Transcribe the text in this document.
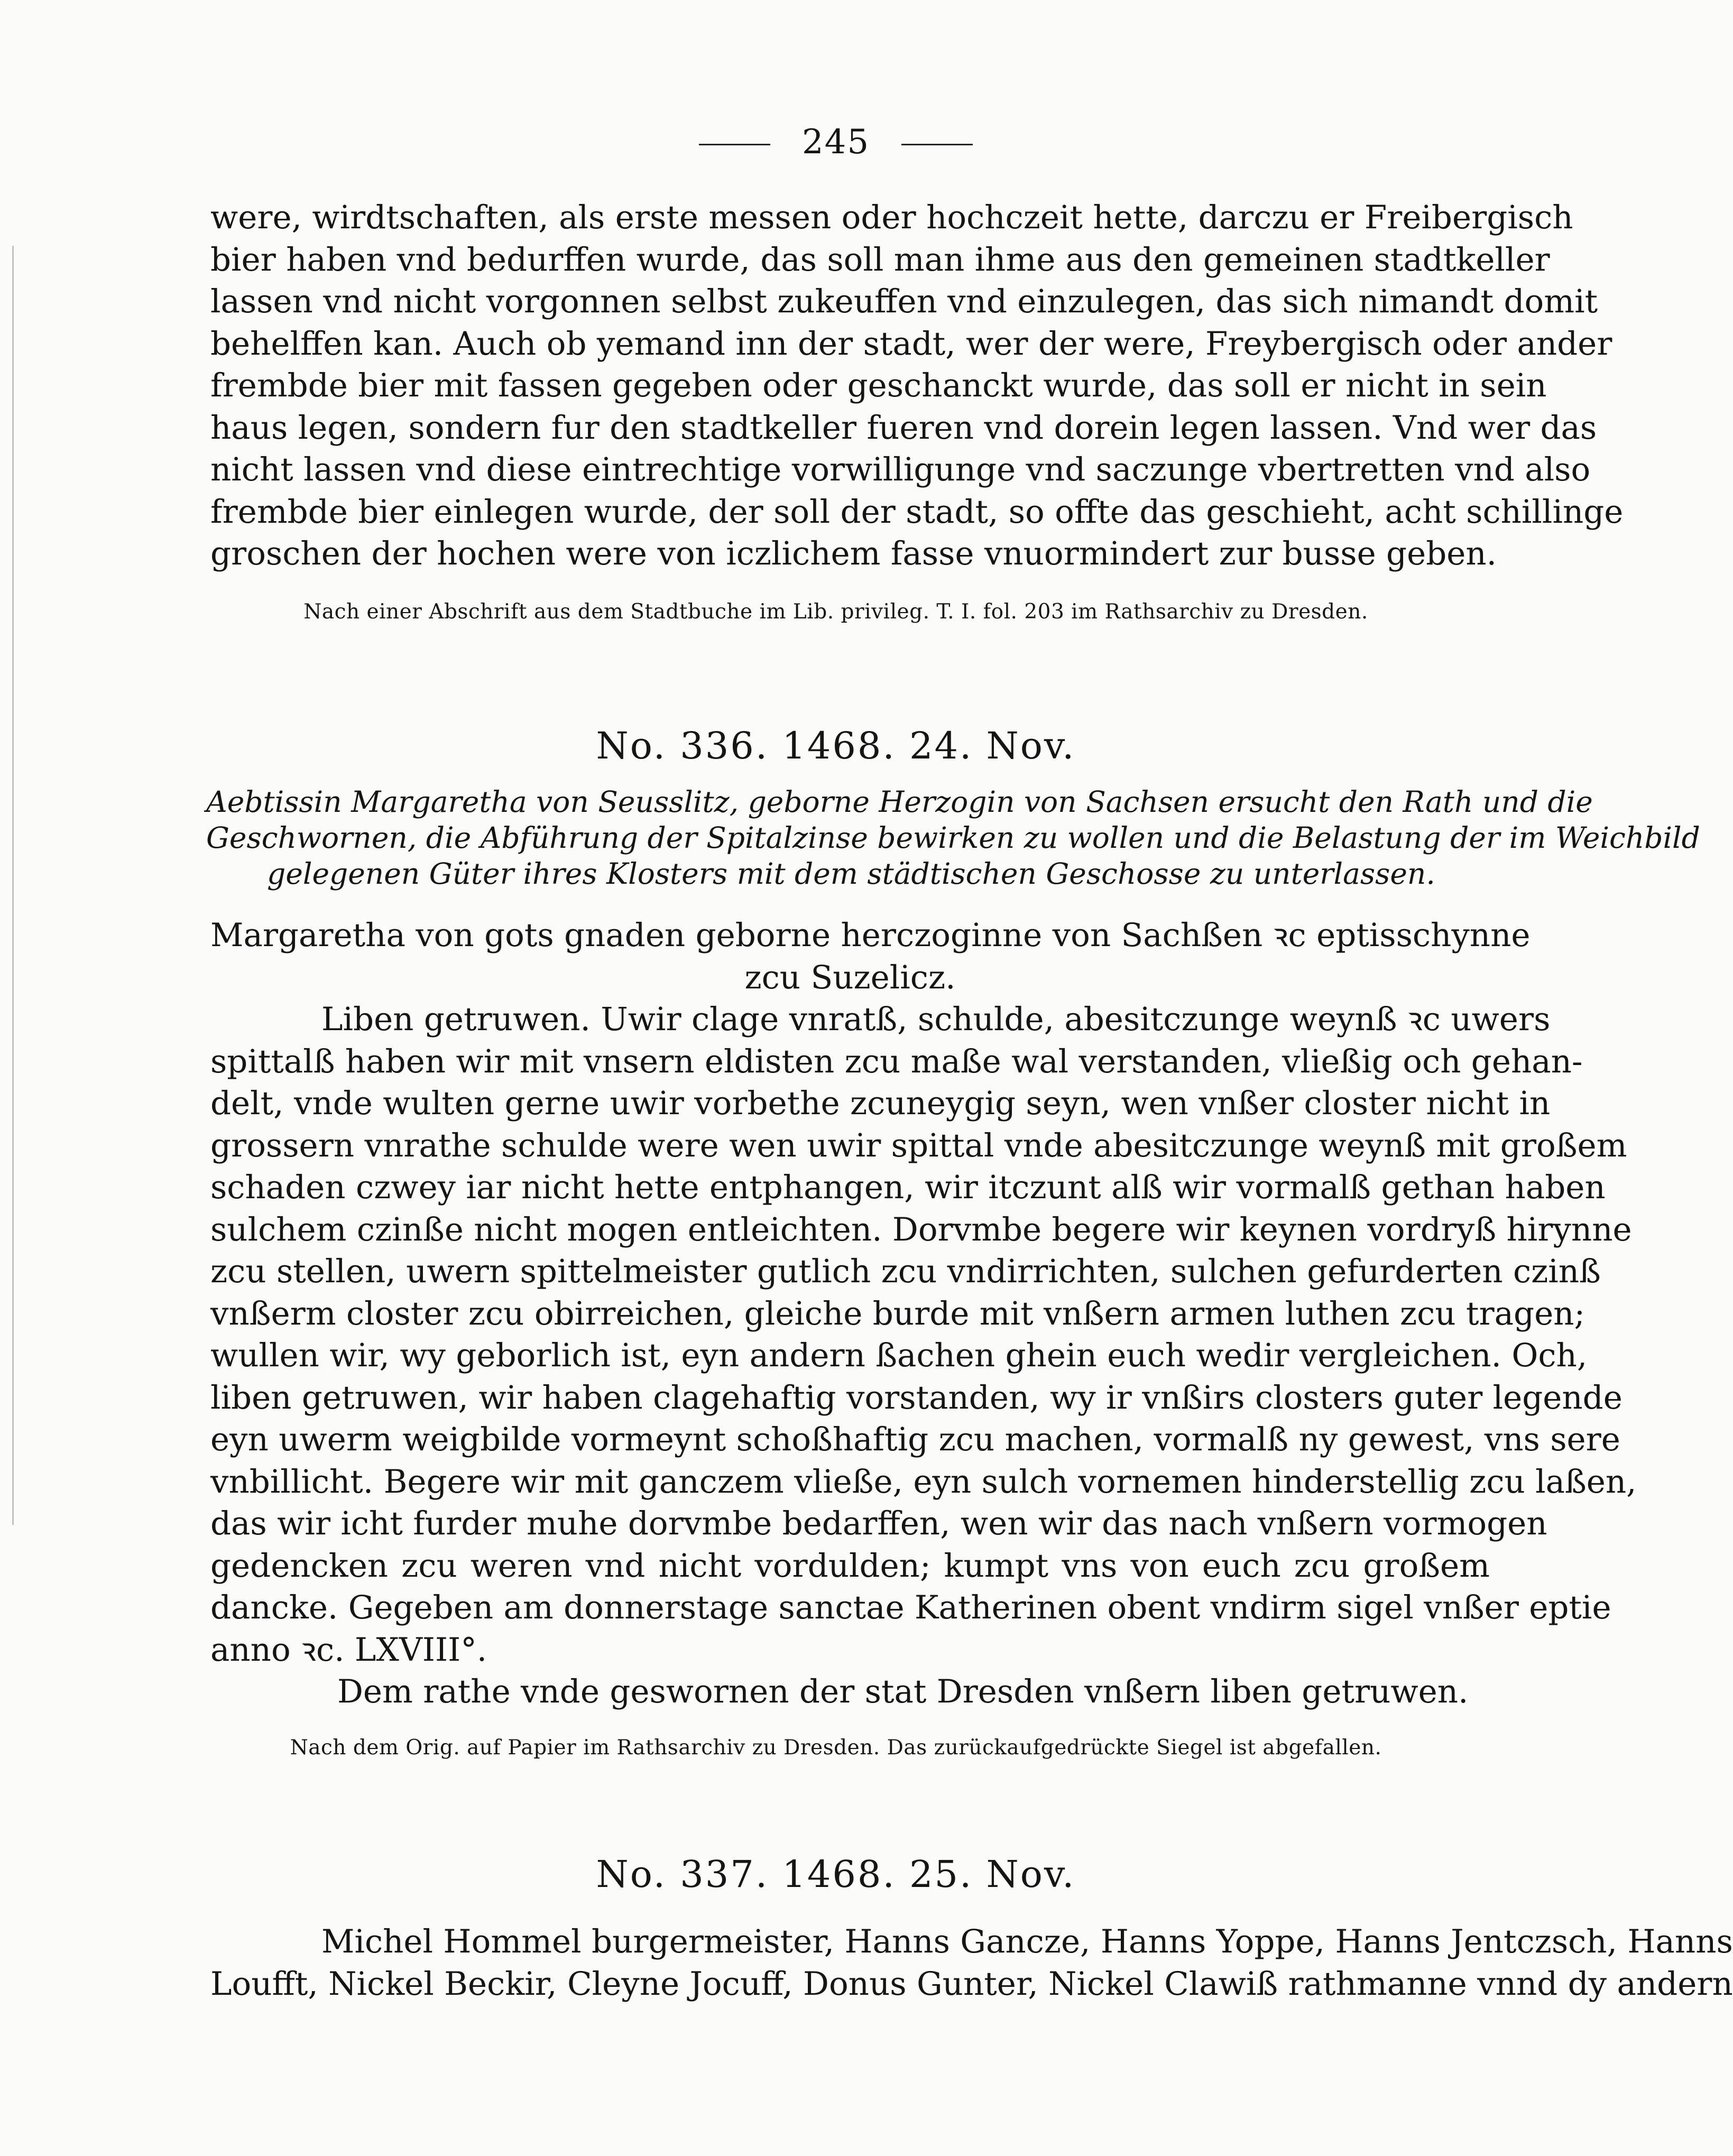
245
were, wirdtschaften, als erste messen oder hochczeit hette, darczu er Freibergisch
bier haben vnd bedurffen wurde, das soll man ihme aus den gemeinen stadtkeller
lassen vnd nicht vorgonnen selbst zukeuffen vnd einzulegen, das sich nimandt domit
behelffen kan. Auch ob yemand inn der stadt, wer der were, Freybergisch oder ander
frembde bier mit fassen gegeben oder geschanckt wurde, das soll er nicht in sein
haus legen, sondern fur den stadtkeller fueren vnd dorein legen lassen. Vnd wer das
nicht lassen vnd diese eintrechtige vorwilligunge vnd saczunge vbertretten vnd also
frembde bier einlegen wurde, der soll der stadt, so offte das geschieht, acht schillinge
groschen der hochen were von iczlichem fasse vnuormindert zur busse geben.
Nach einer Abschrift aus dem Stadtbuche im Lib. privileg. T. I. fol. 203 im Rathsarchiv zu Dresden.
No. 336. 1468. 24. Nov.
Aebtissin Margaretha von Seusslitz, geborne Herzogin von Sachsen ersucht den Rath und die
Geschwornen, die Abführung der Spitalzinse bewirken zu wollen und die Belastung der im Weichbild
gelegenen Güter ihres Klosters mit dem städtischen Geschosse zu unterlassen.
Margaretha von gots gnaden geborne herczoginne von Sachßen ꝛc eptisschynne
zcu Suzelicz.
Liben getruwen. Uwir clage vnratß, schulde, abesitczunge weynß ꝛc uwers
spittalß haben wir mit vnsern eldisten zcu maße wal verstanden, vließig och gehan-
delt, vnde wulten gerne uwir vorbethe zcuneygig seyn, wen vnßer closter nicht in
grossern vnrathe schulde were wen uwir spittal vnde abesitczunge weynß mit großem
schaden czwey iar nicht hette entphangen, wir itczunt alß wir vormalß gethan haben
sulchem czinße nicht mogen entleichten. Dorvmbe begere wir keynen vordryß hirynne
zcu stellen, uwern spittelmeister gutlich zcu vndirrichten, sulchen gefurderten czinß
vnßerm closter zcu obirreichen, gleiche burde mit vnßern armen luthen zcu tragen;
wullen wir, wy geborlich ist, eyn andern ßachen ghein euch wedir vergleichen. Och,
liben getruwen, wir haben clagehaftig vorstanden, wy ir vnßirs closters guter legende
eyn uwerm weigbilde vormeynt schoßhaftig zcu machen, vormalß ny gewest, vns sere
vnbillicht. Begere wir mit ganczem vließe, eyn sulch vornemen hinderstellig zcu laßen,
das wir icht furder muhe dorvmbe bedarffen, wen wir das nach vnßern vormogen
gedencken zcu weren vnd nicht vordulden; kumpt vns von euch zcu großem
dancke. Gegeben am donnerstage sanctae Katherinen obent vndirm sigel vnßer eptie
anno ꝛc. LXVIII°.
Dem rathe vnde geswornen der stat Dresden vnßern liben getruwen.
Nach dem Orig. auf Papier im Rathsarchiv zu Dresden. Das zurückaufgedrückte Siegel ist abgefallen.
No. 337. 1468. 25. Nov.
Michel Hommel burgermeister, Hanns Gancze, Hanns Yoppe, Hanns Jentczsch, Hanns
Loufft, Nickel Beckir, Cleyne Jocuff, Donus Gunter, Nickel Clawiß rathmanne vnnd dy andern
